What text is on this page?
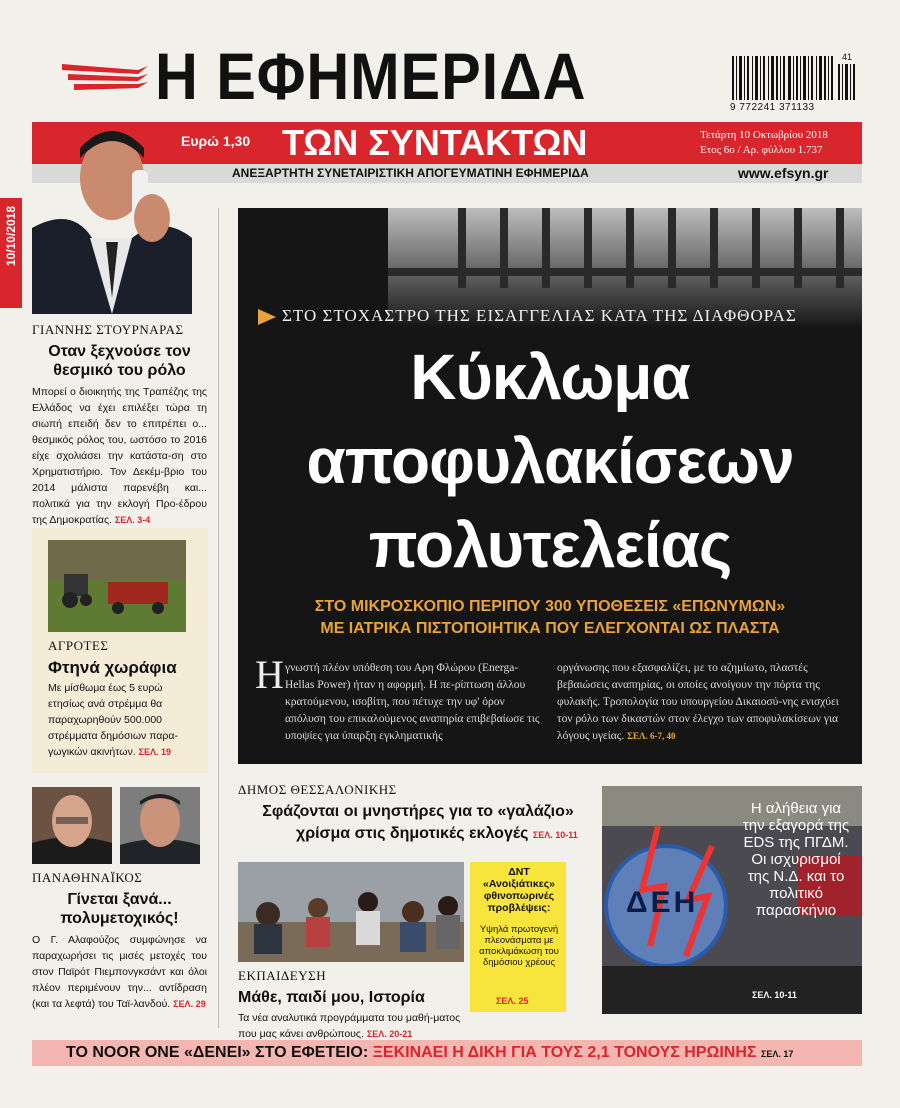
Η ΕΦΗΜΕΡΙΔΑ	9 772241 371133
41
Ευρώ 1,30 ΤΩΝ ΣΥΝΤΑΚΤΩΝ	Τετάρτη 10 Οκτωβρίου 2018
Ετος 6ο / Αρ. φύλλου 1.737
ΑΝΕΞΑΡΤΗΤΗ ΣΥΝΕΤΑΙΡΙΣΤΙΚΗ ΑΠΟΓΕΥΜΑΤΙΝΗ ΕΦΗΜΕΡΙΔΑ	www.efsyn.gr
10/10/2018
ΓΙΑΝΝΗΣ ΣΤΟΥΡΝΑΡΑΣ
Οταν ξεχνούσε τον θεσμικό του ρόλο
Μπορεί ο διοικητής της Τραπέζης της Ελλάδος να έχει επιλέξει τώρα τη σιωπή επειδή δεν το επιτρέπει ο... θεσμικός ρόλος του, ωστόσο το 2016 είχε σχολιάσει την κατάστα-ση στο Χρηματιστήριο. Τον Δεκέμ-βριο του 2014 μάλιστα παρενέβη και... πολιτικά για την εκλογή Προ-έδρου της Δημοκρατίας. ΣΕΛ. 3-4
ΑΓΡΟΤΕΣ
Φτηνά χωράφια
Με μίσθωμα έως 5 ευρώ ετησίως ανά στρέμμα θα παραχωρηθούν 500.000 στρέμματα δημόσιων παρα-γωγικών ακινήτων. ΣΕΛ. 19
ΠΑΝΑΘΗΝΑΪΚΟΣ
Γίνεται ξανά... πολυμετοχικός!
Ο Γ. Αλαφούζος συμφώνησε να παραχωρήσει τις μισές μετοχές του στον Παϊρότ Πιεμπονγκσάντ και όλοι πλέον περιμένουν την... αντίδραση (και τα λεφτά) του Ταϊ-λανδού. ΣΕΛ. 29
ΣΤΟ ΣΤΟΧΑΣΤΡΟ ΤΗΣ ΕΙΣΑΓΓΕΛΙΑΣ ΚΑΤΑ ΤΗΣ ΔΙΑΦΘΟΡΑΣ
Κύκλωμα
αποφυλακίσεων
πολυτελείας
ΣΤΟ ΜΙΚΡΟΣΚΟΠΙΟ ΠΕΡΙΠΟΥ 300 ΥΠΟΘΕΣΕΙΣ «ΕΠΩΝΥΜΩΝ»
ΜΕ ΙΑΤΡΙΚΑ ΠΙΣΤΟΠΟΙΗΤΙΚΑ ΠΟΥ ΕΛΕΓΧΟΝΤΑΙ ΩΣ ΠΛΑΣΤΑ
Η γνωστή πλέον υπόθεση του Αρη Φλώρου (Energa-Hellas Power) ήταν η αφορμή. Η πε-ρίπτωση άλλου κρατούμενου, ισοβίτη, που πέτυχε την υφ' όρον απόλυση του επικαλούμενος αναπηρία επιβεβαίωσε τις υποψίες για ύπαρξη εγκληματικής
οργάνωσης που εξασφαλίζει, με το αζημίωτο, πλαστές βεβαιώσεις αναπηρίας, οι οποίες ανοίγουν την πόρτα της φυλακής. Τροπολογία του υπουργείου Δικαιοσύ-νης ενισχύει τον ρόλο των δικαστών στον έλεγχο των αποφυλακίσεων για λόγους υγείας. ΣΕΛ. 6-7, 40
ΔΗΜΟΣ ΘΕΣΣΑΛΟΝΙΚΗΣ
Σφάζονται οι μνηστήρες για το «γαλάζιο»
χρίσμα στις δημοτικές εκλογές ΣΕΛ. 10-11
ΕΚΠΑΙΔΕΥΣΗ
Μάθε, παιδί μου, Ιστορία
Τα νέα αναλυτικά προγράμματα του μαθή-ματος που μας κάνει ανθρώπους. ΣΕΛ. 20-21
ΔΝΤ «Ανοιξιάτικες» φθινοπωρινές προβλέψεις:
Υψηλά πρωτογενή πλεονάσματα με αποκλιμάκωση του δημόσιου χρέους
ΣΕΛ. 25
ΔΕΗ
Η αλήθεια για την εξαγορά της EDS της ΠΓΔΜ. Οι ισχυρισμοί της Ν.Δ. και το πολιτικό παρασκήνιο
ΣΕΛ. 10-11
ΤΟ NOOR ONE «ΔΕΝΕΙ» ΣΤΟ ΕΦΕΤΕΙΟ: ΞΕΚΙΝΑΕΙ Η ΔΙΚΗ ΓΙΑ ΤΟΥΣ 2,1 ΤΟΝΟΥΣ ΗΡΩΙΝΗΣ ΣΕΛ. 17
